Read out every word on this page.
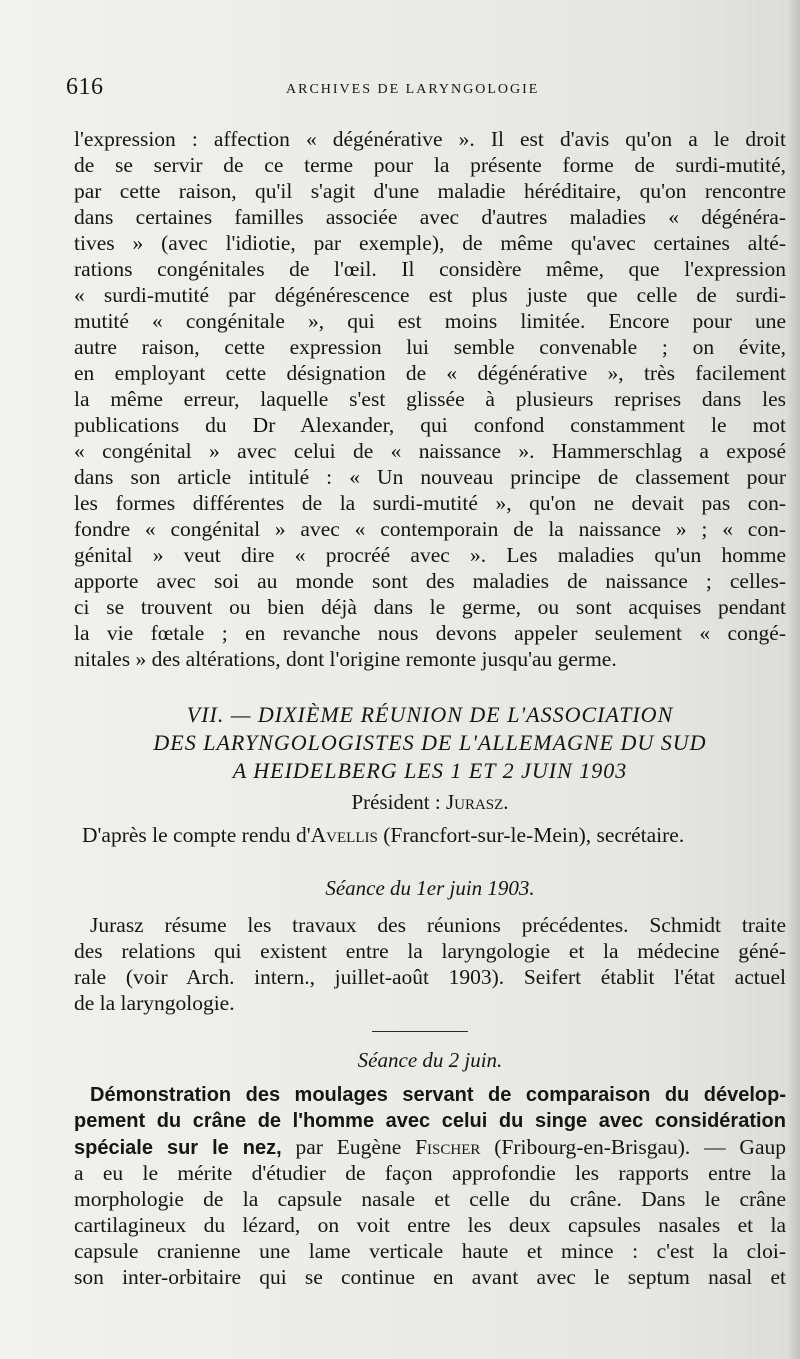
616	ARCHIVES DE LARYNGOLOGIE
l'expression : affection « dégénérative ». Il est d'avis qu'on a le droit
de se servir de ce terme pour la présente forme de surdi-mutité,
par cette raison, qu'il s'agit d'une maladie héréditaire, qu'on rencontre
dans certaines familles associée avec d'autres maladies « dégénéra-
tives » (avec l'idiotie, par exemple), de même qu'avec certaines alté-
rations congénitales de l'œil. Il considère même, que l'expression
« surdi-mutité par dégénérescence est plus juste que celle de surdi-
mutité « congénitale », qui est moins limitée. Encore pour une
autre raison, cette expression lui semble convenable ; on évite,
en employant cette désignation de « dégénérative », très facilement
la même erreur, laquelle s'est glissée à plusieurs reprises dans les
publications du Dr Alexander, qui confond constamment le mot
« congénital » avec celui de « naissance ». Hammerschlag a exposé
dans son article intitulé : « Un nouveau principe de classement pour
les formes différentes de la surdi-mutité », qu'on ne devait pas con-
fondre « congénital » avec « contemporain de la naissance » ; « con-
génital » veut dire « procréé avec ». Les maladies qu'un homme
apporte avec soi au monde sont des maladies de naissance ; celles-
ci se trouvent ou bien déjà dans le germe, ou sont acquises pendant
la vie fœtale ; en revanche nous devons appeler seulement « congé-
nitales » des altérations, dont l'origine remonte jusqu'au germe.
VII. — DIXIÈME RÉUNION DE L'ASSOCIATION
DES LARYNGOLOGISTES DE L'ALLEMAGNE DU SUD
A HEIDELBERG LES 1 ET 2 JUIN 1903
Président : Jurasz.
D'après le compte rendu d'Avellis (Francfort-sur-le-Mein), secrétaire.
Séance du 1er juin 1903.
Jurasz résume les travaux des réunions précédentes. Schmidt traite
des relations qui existent entre la laryngologie et la médecine géné-
rale (voir Arch. intern., juillet-août 1903). Seifert établit l'état actuel
de la laryngologie.
Séance du 2 juin.
Démonstration des moulages servant de comparaison du dévelop-
pement du crâne de l'homme avec celui du singe avec considération
spéciale sur le nez, par Eugène Fischer (Fribourg-en-Brisgau). — Gaup
a eu le mérite d'étudier de façon approfondie les rapports entre la
morphologie de la capsule nasale et celle du crâne. Dans le crâne
cartilagineux du lézard, on voit entre les deux capsules nasales et la
capsule cranienne une lame verticale haute et mince : c'est la cloi-
son inter-orbitaire qui se continue en avant avec le septum nasal et
